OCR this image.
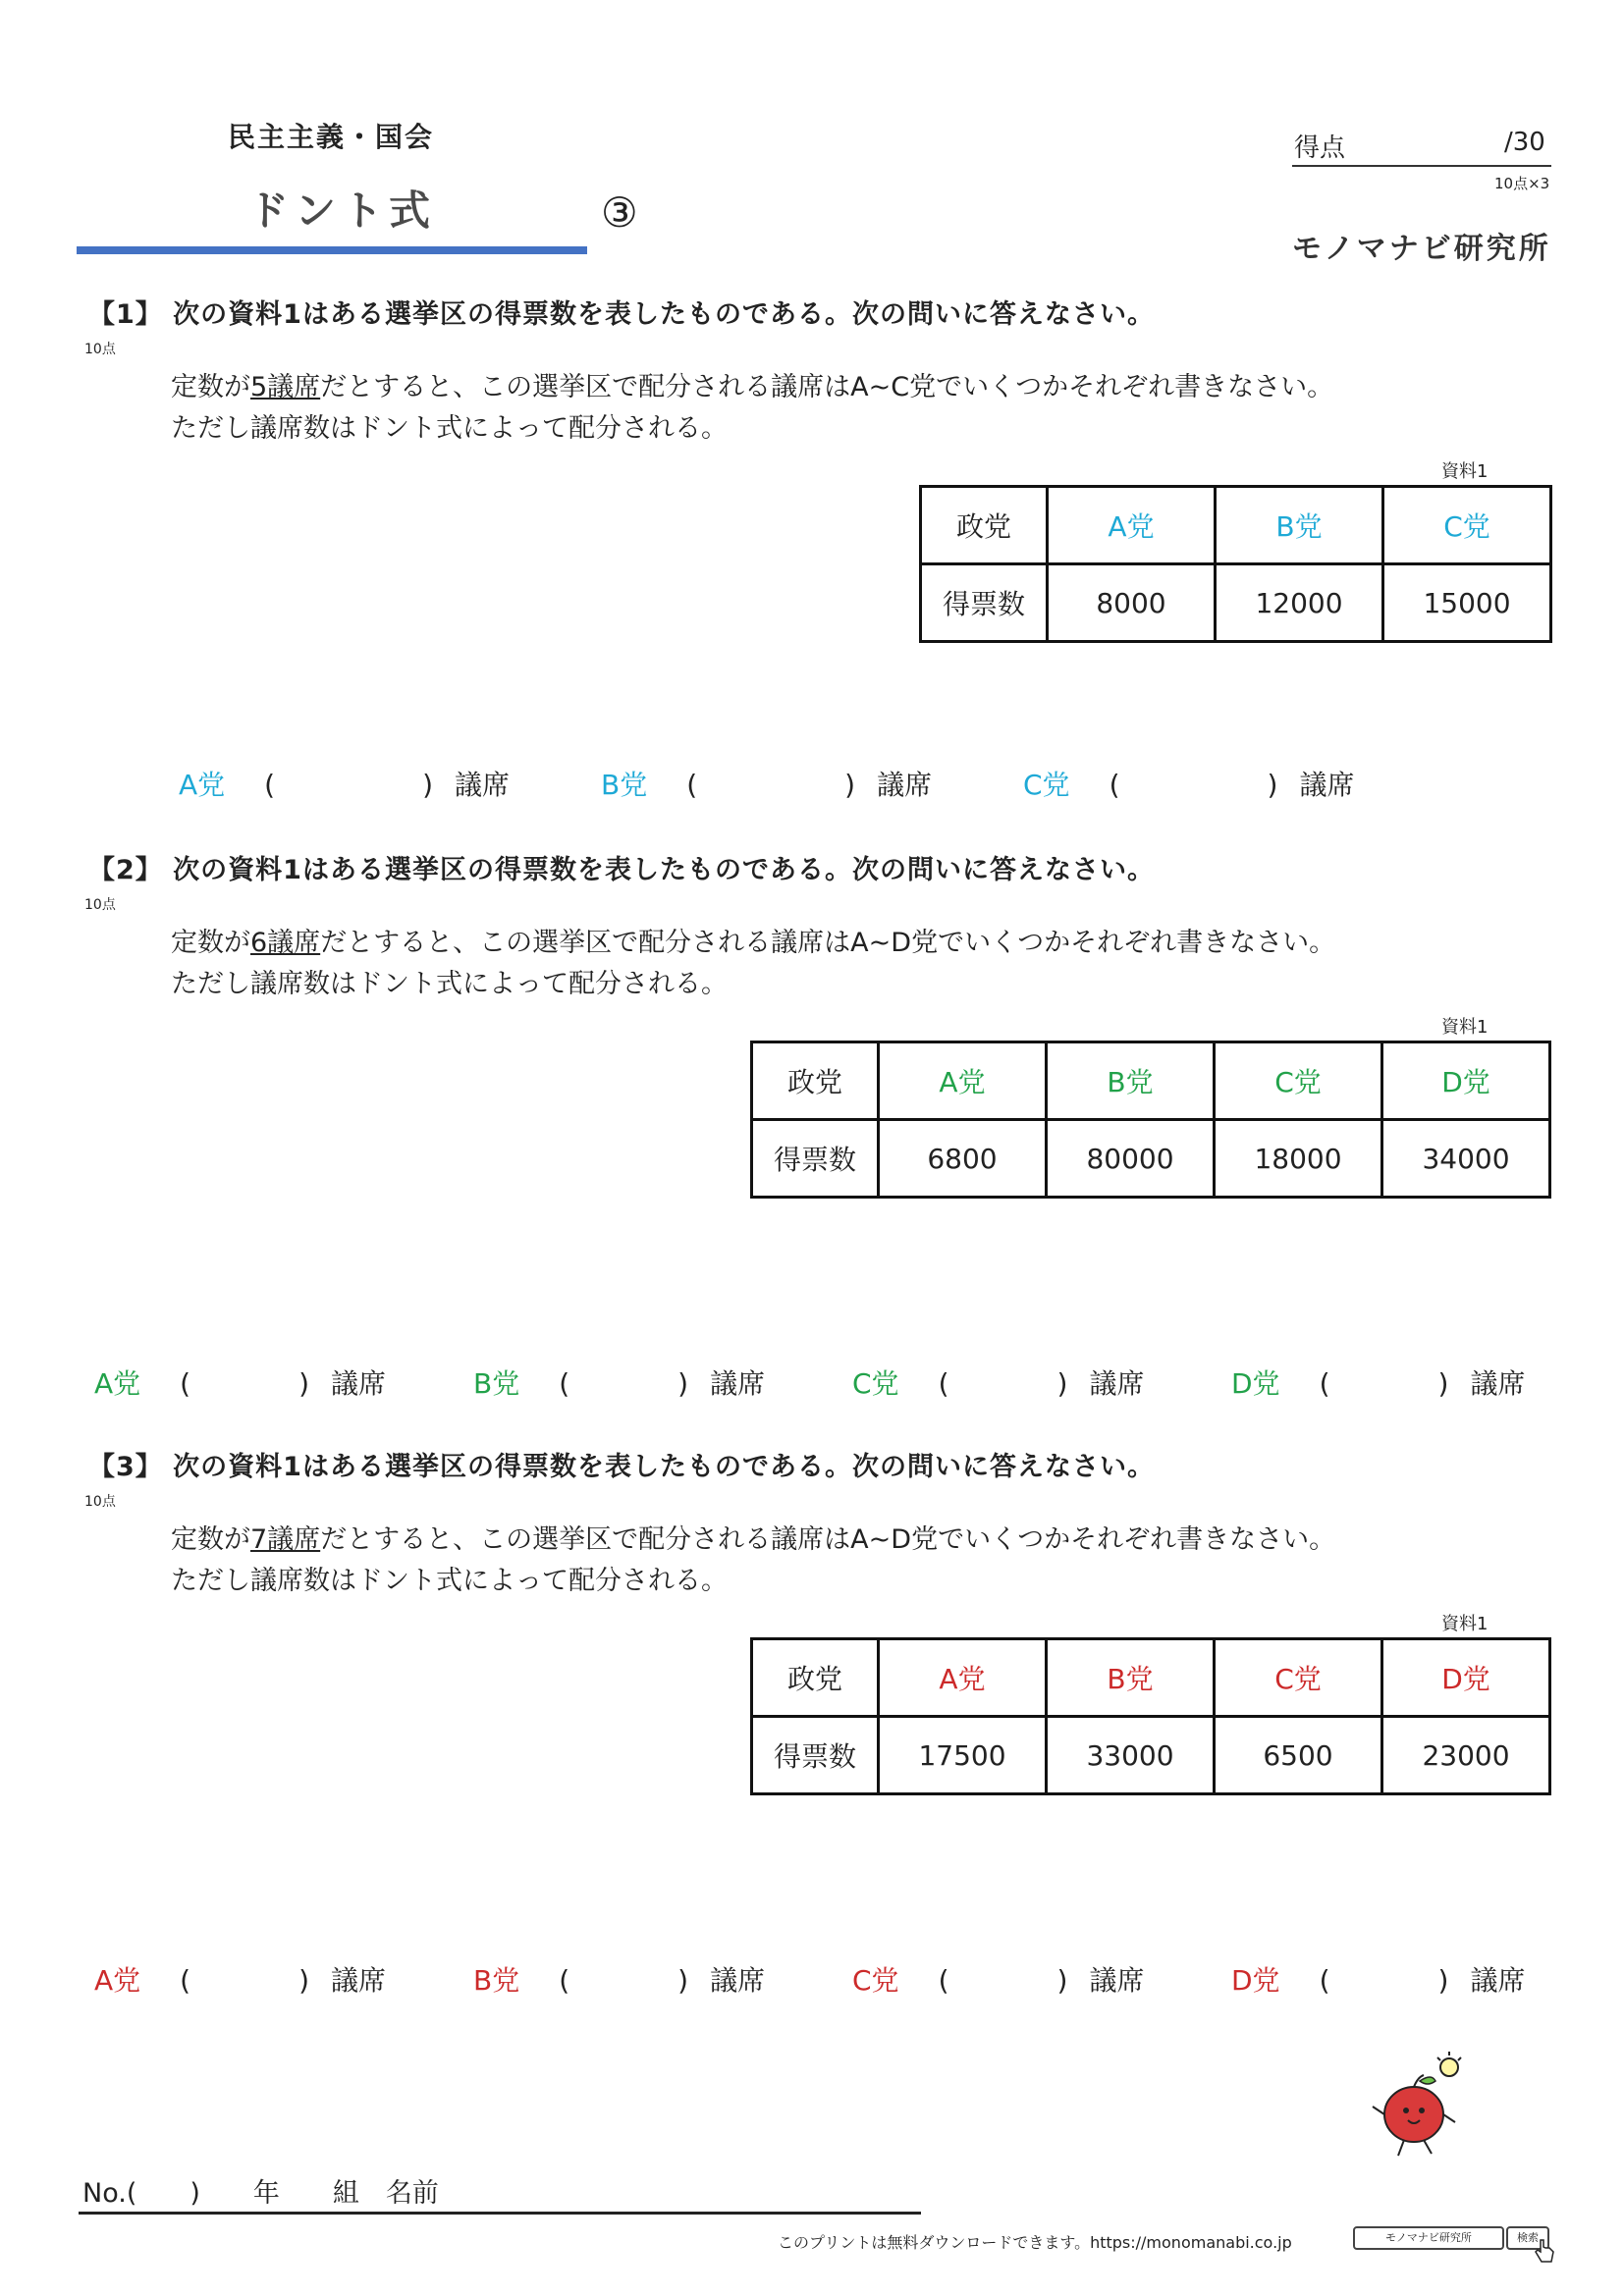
民主主義・国会
ドント式	③
得点	/30
10点×3
モノマナビ研究所
【1】 次の資料1はある選挙区の得票数を表したものである。次の問いに答えなさい。
10点
定数が5議席だとすると、この選挙区で配分される議席はA~C党でいくつかそれぞれ書きなさい。
ただし議席数はドント式によって配分される。
資料1
政党	A党	B党	C党
得票数	8000	12000	15000
A党 (	) 議席	B党 (	) 議席	C党 (	) 議席
【2】 次の資料1はある選挙区の得票数を表したものである。次の問いに答えなさい。
10点
定数が6議席だとすると、この選挙区で配分される議席はA~D党でいくつかそれぞれ書きなさい。
ただし議席数はドント式によって配分される。
資料1
政党	A党	B党	C党	D党
得票数	6800	80000	18000	34000
A党 (	) 議席	B党 (	) 議席	C党 (	) 議席	D党 (	) 議席
【3】 次の資料1はある選挙区の得票数を表したものである。次の問いに答えなさい。
10点
定数が7議席だとすると、この選挙区で配分される議席はA~D党でいくつかそれぞれ書きなさい。
ただし議席数はドント式によって配分される。
資料1
政党	A党	B党	C党	D党
得票数	17500	33000	6500	23000
A党 (	) 議席	B党 (	) 議席	C党 (	) 議席	D党 (	) 議席
No.(　　)　　年　　組　名前
このプリントは無料ダウンロードできます。https://monomanabi.co.jp	モノマナビ研究所	検索
